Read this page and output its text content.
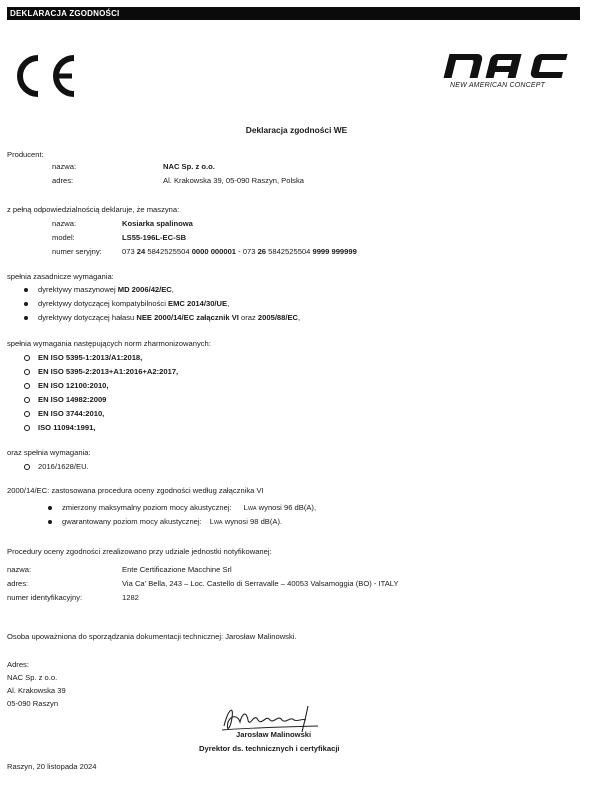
DEKLARACJA ZGODNOŚCI
NEW AMERICAN CONCEPT
Deklaracja zgodności WE
Producent:
nazwa:	NAC Sp. z o.o.
adres:	Al. Krakowska 39, 05-090 Raszyn, Polska
z pełną odpowiedzialnością deklaruje, że maszyna:
nazwa:	Kosiarka spalinowa
model:	LS55-196L-EC-SB
numer seryjny:	073 24 5842525504 0000 000001 - 073 26 5842525504 9999 999999
spełnia zasadnicze wymagania:
dyrektywy maszynowej MD 2006/42/EC,
dyrektywy dotyczącej kompatybilności EMC 2014/30/UE,
dyrektywy dotyczącej hałasu NEE 2000/14/EC załącznik VI oraz 2005/88/EC,
spełnia wymagania następujących norm zharmonizowanych:
EN ISO 5395-1:2013/A1:2018,
EN ISO 5395-2:2013+A1:2016+A2:2017,
EN ISO 12100:2010,
EN ISO 14982:2009
EN ISO 3744:2010,
ISO 11094:1991,
oraz spełnia wymagania:
2016/1628/EU.
2000/14/EC: zastosowana procedura oceny zgodności według załącznika VI
zmierzony maksymalny poziom mocy akustycznej: LWA wynosi 96 dB(A),
gwarantowany poziom mocy akustycznej: LWA wynosi 98 dB(A).
Procedury oceny zgodności zrealizowano przy udziale jednostki notyfikowanej:
nazwa:	Ente Certificazione Macchine Srl
adres:	Via Ca' Bella, 243 – Loc. Castello di Serravalle – 40053 Valsamoggia (BO) - ITALY
numer identyfikacyjny:	1282
Osoba upoważniona do sporządzania dokumentacji technicznej: Jarosław Malinowski.
Adres:
NAC Sp. z o.o.
Al. Krakowska 39
05-090 Raszyn
Jarosław Malinowski
Dyrektor ds. technicznych i certyfikacji
Raszyn, 20 listopada 2024
